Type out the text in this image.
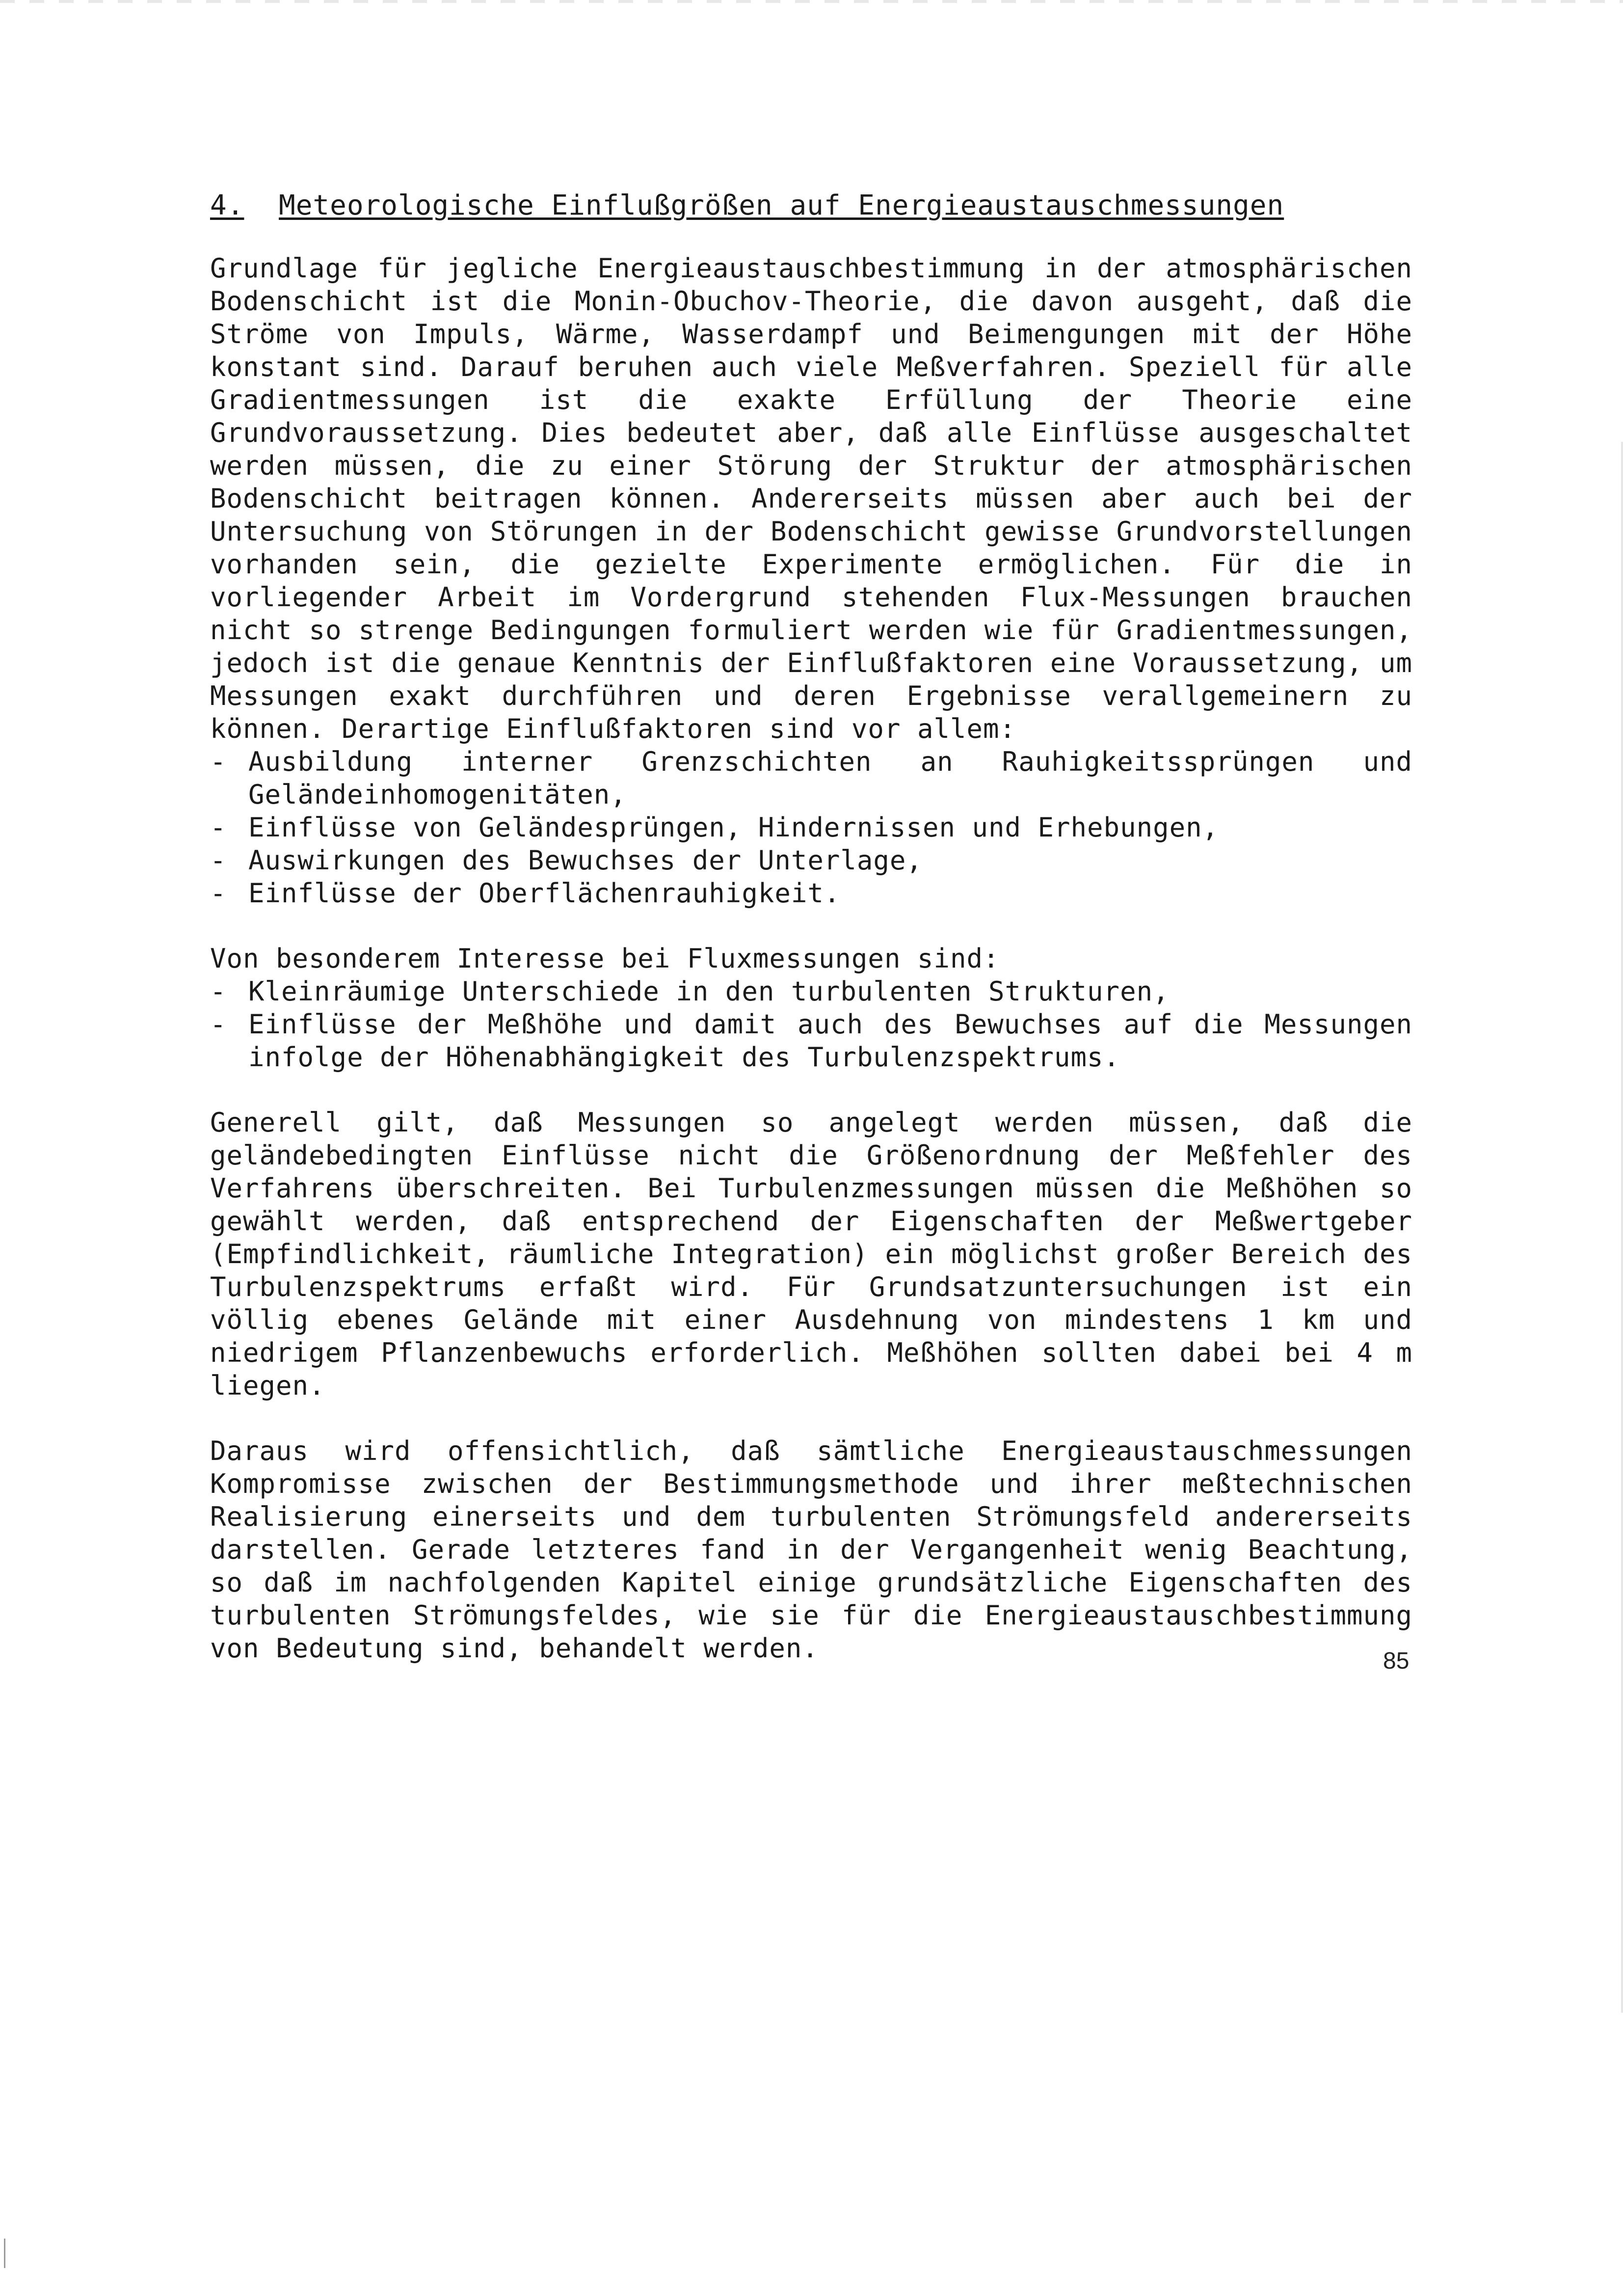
4.	Meteorologische Einflußgrößen auf Energieaustauschmessungen

Grundlage für jegliche Energieaustauschbestimmung in der atmosphärischen Bodenschicht ist die Monin-Obuchov-Theorie, die davon ausgeht, daß die Ströme von Impuls, Wärme, Wasserdampf und Beimengungen mit der Höhe konstant sind. Darauf beruhen auch viele Meßverfahren. Speziell für alle Gradientmessungen ist die exakte Erfüllung der Theorie eine Grundvoraussetzung. Dies bedeutet aber, daß alle Einflüsse ausgeschaltet werden müssen, die zu einer Störung der Struktur der atmosphärischen Bodenschicht beitragen können. Andererseits müssen aber auch bei der Untersuchung von Störungen in der Bodenschicht gewisse Grundvorstellungen vorhanden sein, die gezielte Experimente ermöglichen. Für die in vorliegender Arbeit im Vordergrund stehenden Flux-Messungen brauchen nicht so strenge Bedingungen formuliert werden wie für Gradientmessungen, jedoch ist die genaue Kenntnis der Einflußfaktoren eine Voraussetzung, um Messungen exakt durchführen und deren Ergebnisse verallgemeinern zu können. Derartige Einflußfaktoren sind vor allem:

- Ausbildung interner Grenzschichten an Rauhigkeitssprüngen und Geländeinhomogenitäten,
- Einflüsse von Geländesprüngen, Hindernissen und Erhebungen,
- Auswirkungen des Bewuchses der Unterlage,
- Einflüsse der Oberflächenrauhigkeit.

Von besonderem Interesse bei Fluxmessungen sind:

- Kleinräumige Unterschiede in den turbulenten Strukturen,
- Einflüsse der Meßhöhe und damit auch des Bewuchses auf die Messungen infolge der Höhenabhängigkeit des Turbulenzspektrums.

Generell gilt, daß Messungen so angelegt werden müssen, daß die geländebedingten Einflüsse nicht die Größenordnung der Meßfehler des Verfahrens überschreiten. Bei Turbulenzmessungen müssen die Meßhöhen so gewählt werden, daß entsprechend der Eigenschaften der Meßwertgeber (Empfindlichkeit, räumliche Integration) ein möglichst großer Bereich des Turbulenzspektrums erfaßt wird. Für Grundsatzuntersuchungen ist ein völlig ebenes Gelände mit einer Ausdehnung von mindestens 1 km und niedrigem Pflanzenbewuchs erforderlich. Meßhöhen sollten dabei bei 4 m liegen.

Daraus wird offensichtlich, daß sämtliche Energieaustauschmessungen Kompromisse zwischen der Bestimmungsmethode und ihrer meßtechnischen Realisierung einerseits und dem turbulenten Strömungsfeld andererseits darstellen. Gerade letzteres fand in der Vergangenheit wenig Beachtung, so daß im nachfolgenden Kapitel einige grundsätzliche Eigenschaften des turbulenten Strömungsfeldes, wie sie für die Energieaustauschbestimmung von Bedeutung sind, behandelt werden.	85
